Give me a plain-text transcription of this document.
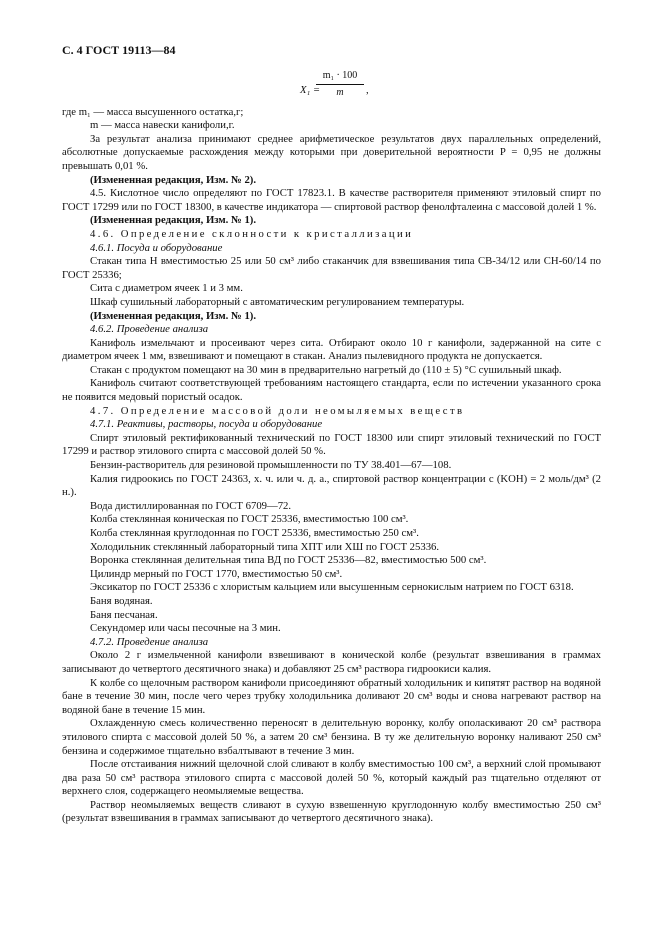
С. 4 ГОСТ 19113—84
X₁ =
$\frac{\text{m₁ · 100}}{m}$ ,

где m₁ — масса высушенного остатка,г;

m — масса навески канифоли,г.

За результат анализа принимают среднее арифметическое результатов двух параллельных определений, абсолютные допускаемые расхождения между которыми при доверительной вероятности P = 0,95 не должны превышать 0,01 %.

(Измененная редакция, Изм. № 2).

4.5. Кислотное число определяют по ГОСТ 17823.1. В качестве растворителя применяют этиловый спирт по ГОСТ 17299 или по ГОСТ 18300, в качестве индикатора — спиртовой раствор фенолфталеина с массовой долей 1 %.

(Измененная редакция, Изм. № 1).

4.6. Определение склонности к кристаллизации

4.6.1. Посуда и оборудование

Стакан типа Н вместимостью 25 или 50 см³ либо стаканчик для взвешивания типа СВ-34/12 или СН-60/14 по ГОСТ 25336;

Сита с диаметром ячеек 1 и 3 мм.

Шкаф сушильный лабораторный с автоматическим регулированием температуры.

(Измененная редакция, Изм. № 1).

4.6.2. Проведение анализа

Канифоль измельчают и просеивают через сита. Отбирают около 10 г канифоли, задержанной на сите с диаметром ячеек 1 мм, взвешивают и помещают в стакан. Анализ пылевидного продукта не допускается.

Стакан с продуктом помещают на 30 мин в предварительно нагретый до (110 ± 5) °С сушильный шкаф.

Канифоль считают соответствующей требованиям настоящего стандарта, если по истечении указанного срока не появится медовый пористый осадок.

4.7. Определение массовой доли неомыляемых веществ

4.7.1. Реактивы, растворы, посуда и оборудование

Спирт этиловый ректификованный технический по ГОСТ 18300 или спирт этиловый технический по ГОСТ 17299 и раствор этилового спирта с массовой долей 50 %.

Бензин-растворитель для резиновой промышленности по ТУ 38.401—67—108.

Калия гидроокись по ГОСТ 24363, х. ч. или ч. д. а., спиртовой раствор концентрации c (KOH) = 2 моль/дм³ (2 н.).

Вода дистиллированная по ГОСТ 6709—72.

Колба стеклянная коническая по ГОСТ 25336, вместимостью 100 см³.

Колба стеклянная круглодонная по ГОСТ 25336, вместимостью 250 см³.

Холодильник стеклянный лабораторный типа ХПТ или ХШ по ГОСТ 25336.

Воронка стеклянная делительная типа ВД по ГОСТ 25336—82, вместимостью 500 см³.

Цилиндр мерный по ГОСТ 1770, вместимостью 50 см³.

Эксикатор по ГОСТ 25336 с хлористым кальцием или высушенным сернокислым натрием по ГОСТ 6318.

Баня водяная.

Баня песчаная.

Секундомер или часы песочные на 3 мин.

4.7.2. Проведение анализа

Около 2 г измельченной канифоли взвешивают в конической колбе (результат взвешивания в граммах записывают до четвертого десятичного знака) и добавляют 25 см³ раствора гидроокиси калия.

К колбе со щелочным раствором канифоли присоединяют обратный холодильник и кипятят раствор на водяной бане в течение 30 мин, после чего через трубку холодильника доливают 20 см³ воды и снова нагревают раствор на водяной бане в течение 15 мин.

Охлажденную смесь количественно переносят в делительную воронку, колбу ополаскивают 20 см³ раствора этилового спирта с массовой долей 50 %, а затем 20 см³ бензина. В ту же делительную воронку наливают 250 см³ бензина и содержимое тщательно взбалтывают в течение 3 мин.

После отстаивания нижний щелочной слой сливают в колбу вместимостью 100 см³, а верхний слой промывают два раза 50 см³ раствора этилового спирта с массовой долей 50 %, который каждый раз тщательно отделяют от верхнего слоя, содержащего неомыляемые вещества.

Раствор неомыляемых веществ сливают в сухую взвешенную круглодонную колбу вместимостью 250 см³ (результат взвешивания в граммах записывают до четвертого десятичного знака).
